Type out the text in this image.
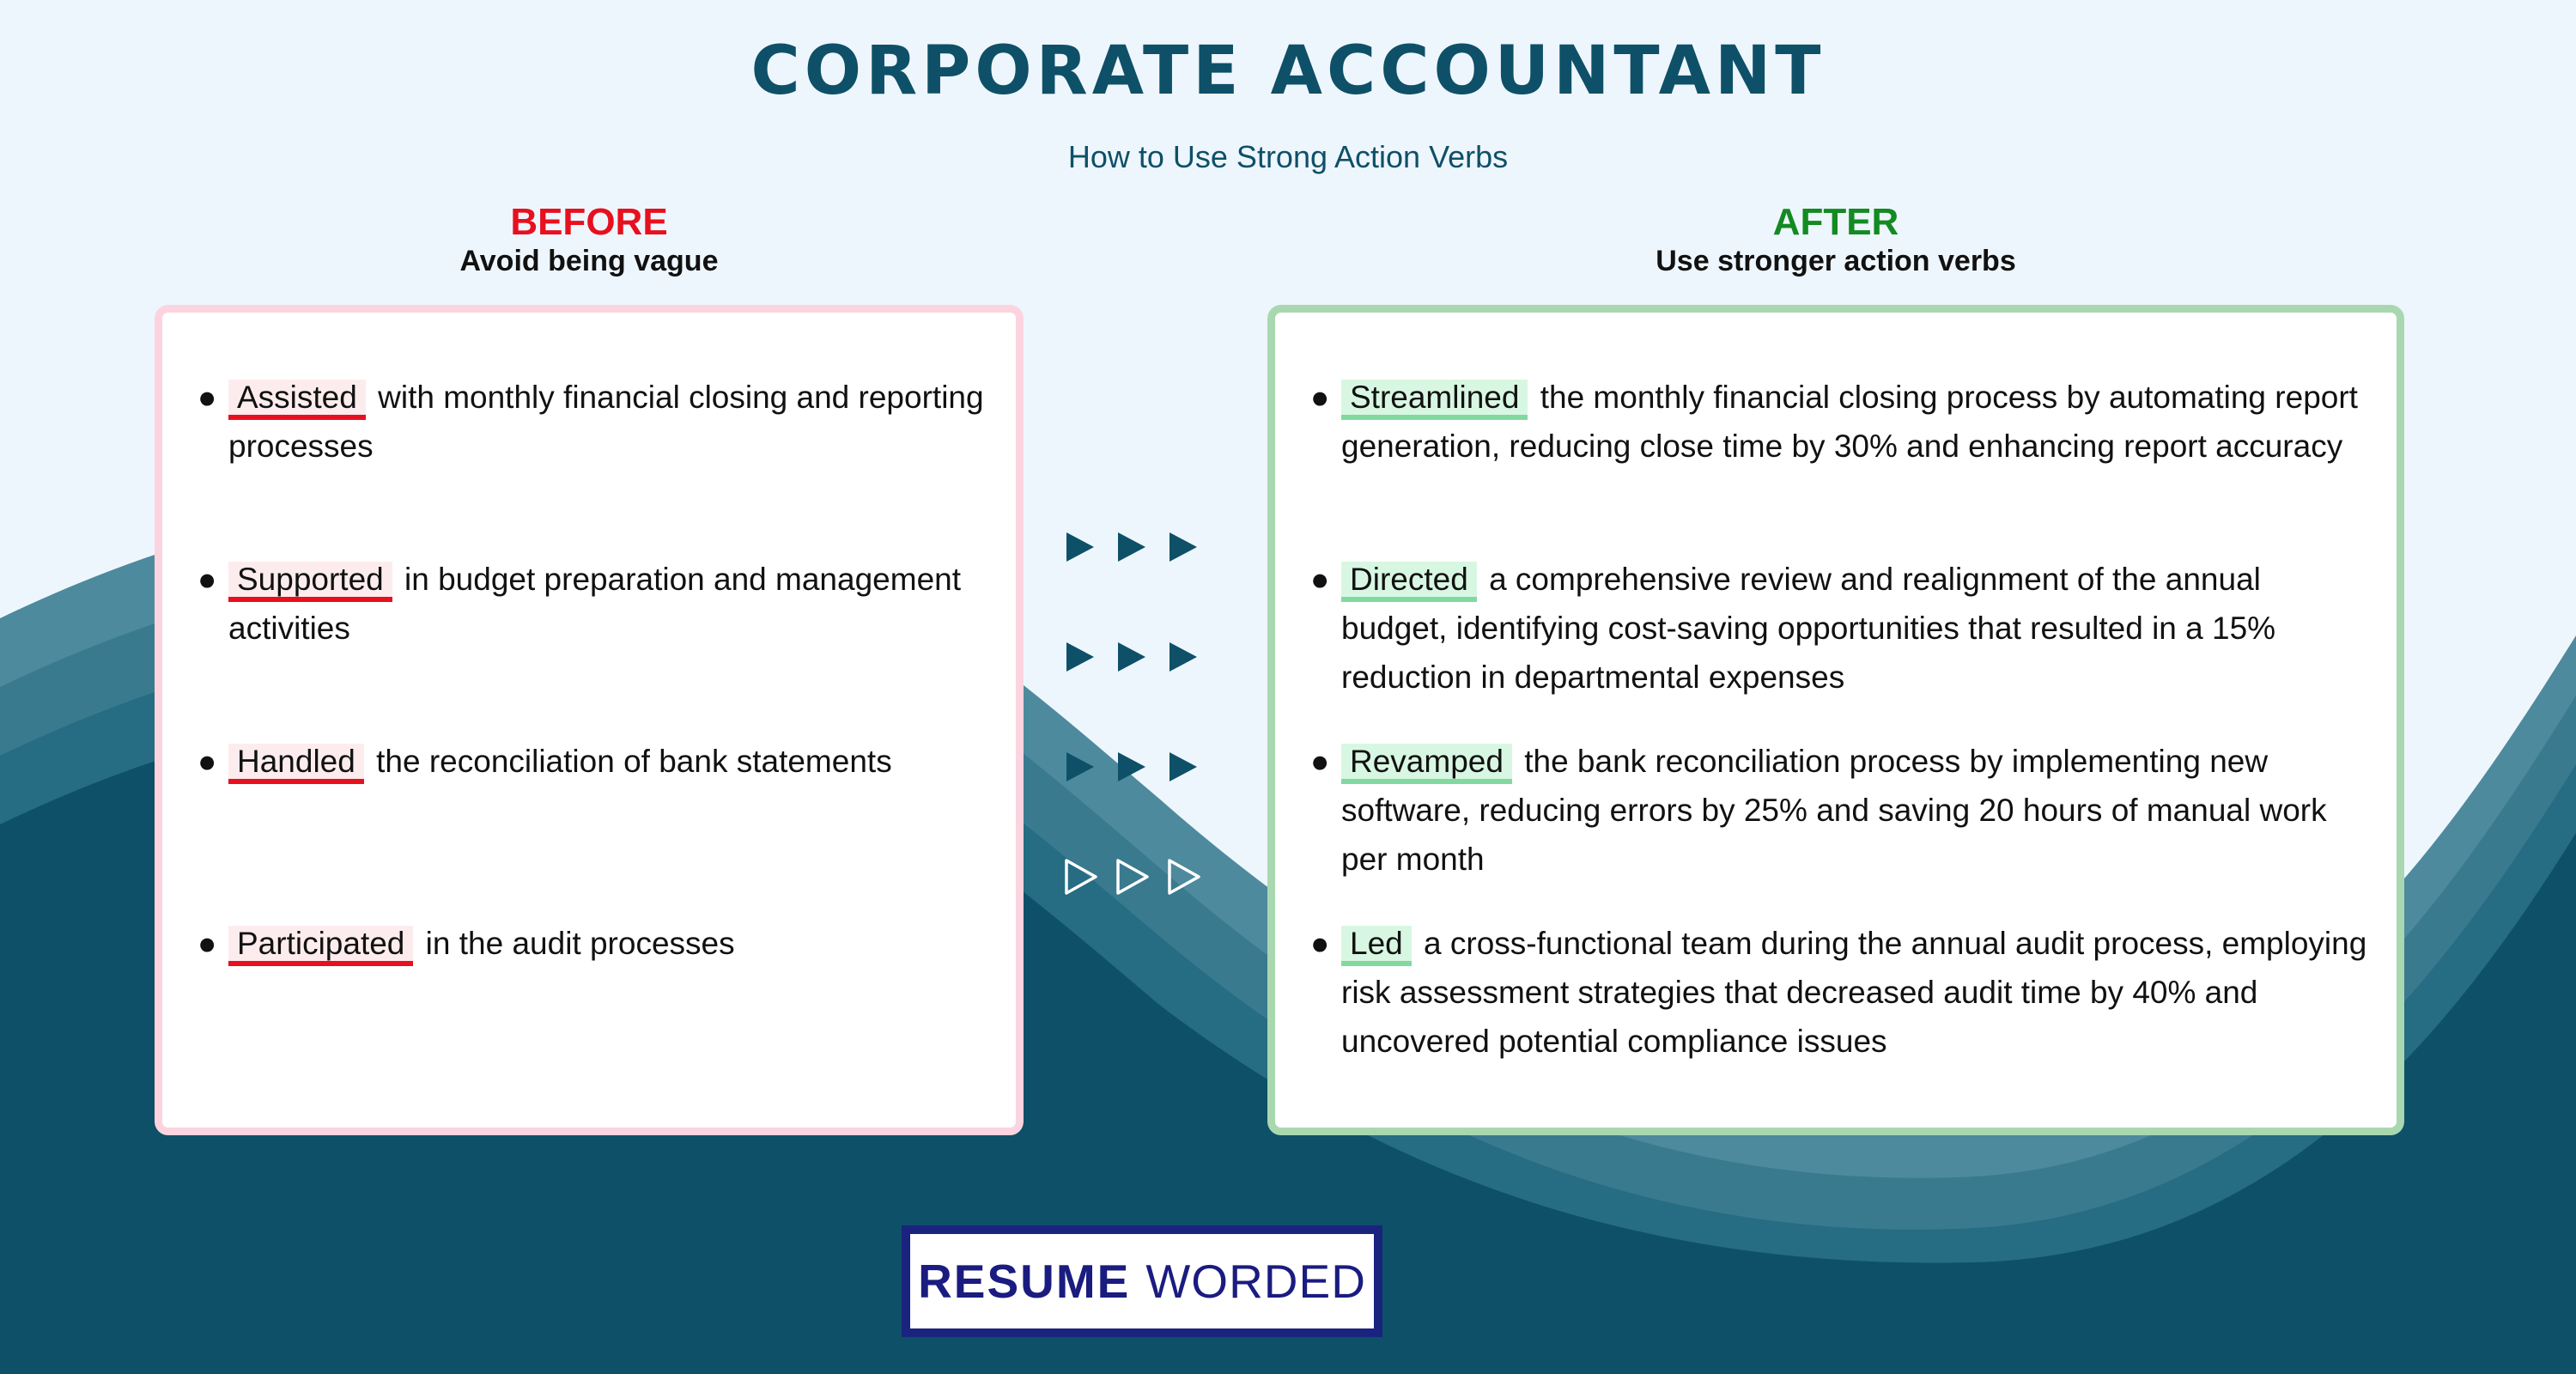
CORPORATE ACCOUNTANT
How to Use Strong Action Verbs
BEFORE
Avoid being vague
AFTER
Use stronger action verbs
● Assisted with monthly financial closing and reporting processes
● Supported in budget preparation and management activities
● Handled the reconciliation of bank statements
● Participated in the audit processes
● Streamlined the monthly financial closing process by automating report generation, reducing close time by 30% and enhancing report accuracy
● Directed a comprehensive review and realignment of the annual budget, identifying cost-saving opportunities that resulted in a 15% reduction in departmental expenses
● Revamped the bank reconciliation process by implementing new software, reducing errors by 25% and saving 20 hours of manual work per month
● Led a cross-functional team during the annual audit process, employing risk assessment strategies that decreased audit time by 40% and uncovered potential compliance issues
RESUME WORDED
